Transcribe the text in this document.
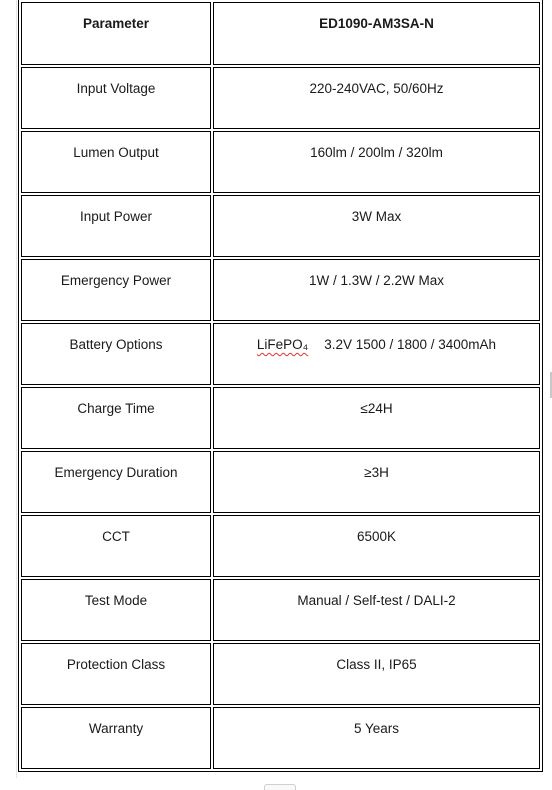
Parameter	ED1090-AM3SA-N

Input Voltage	220-240VAC, 50/60Hz

Lumen Output	160lm / 200lm / 320lm

Input Power	3W Max

Emergency Power	1W / 1.3W / 2.2W Max

Battery Options	LiFePO₄ 3.2V 1500 / 1800 / 3400mAh

Charge Time	≤24H

Emergency Duration	≥3H

CCT	6500K

Test Mode	Manual / Self-test / DALI-2

Protection Class	Class II, IP65

Warranty	5 Years
